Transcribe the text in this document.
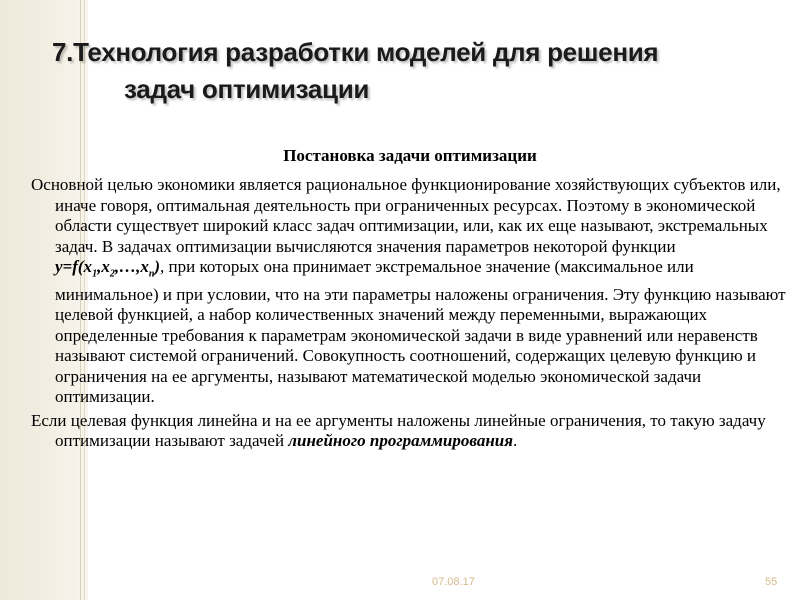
7.Технология разработки моделей для решения
задач оптимизации
Постановка задачи оптимизации

Основной целью экономики является рациональное функционирование хозяйствующих субъектов или, иначе говоря, оптимальная деятельность при ограниченных ресурсах. Поэтому в экономической области существует широкий класс задач оптимизации, или, как их еще называют, экстремальных задач. В задачах оптимизации вычисляются значения параметров некоторой функции $y=f(x_1,x_2,\dots,x_n)$, при которых она принимает экстремальное значение (максимальное или минимальное) и при условии, что на эти параметры наложены ограничения. Эту функцию называют целевой функцией, а набор количественных значений между переменными, выражающих определенные требования к параметрам экономической задачи в виде уравнений или неравенств называют системой ограничений. Совокупность соотношений, содержащих целевую функцию и ограничения на ее аргументы, называют математической моделью экономической задачи оптимизации.

Если целевая функция линейна и на ее аргументы наложены линейные ограничения, то такую задачу оптимизации называют задачей линейного программирования.

07.08.17	55
